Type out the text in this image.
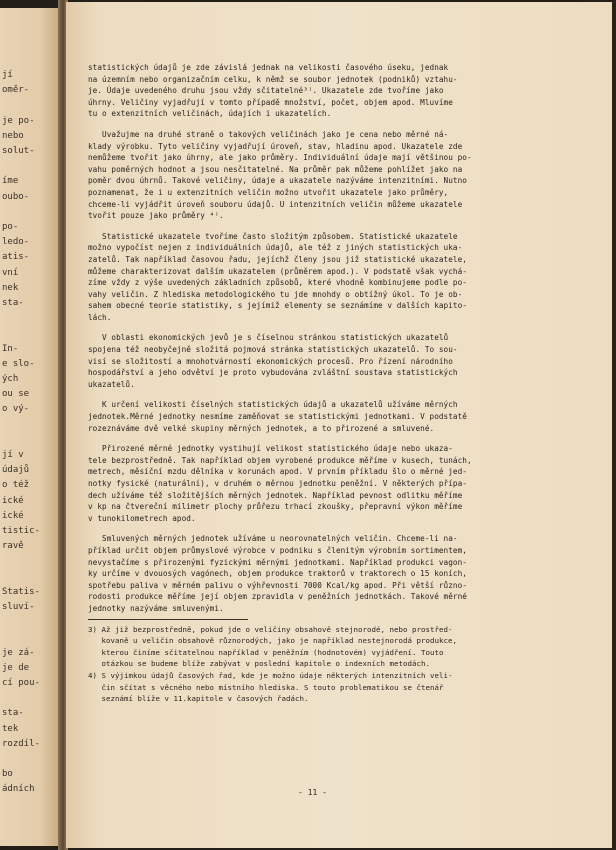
jí
oměr-
je po-
nebo
solut-
íme
oubo-
po-
ledo-
atis-
vní
nek
sta-
In-
e slo-
ých
ou se
o vý-
jí v
údajů
o též
ické
ické
tistic-
ravě
Statis-
sluví-
je zá-
je de
cí pou-
sta-
tek
rozdíl-
bo
ádních
statistických údajů je zde závislá jednak na velikosti časového úseku, jednak
na územním nebo organizačním celku, k němž se soubor jednotek (podniků) vztahu-
je. Údaje uvedeného druhu jsou vždy sčitatelné³⁾. Ukazatele zde tvoříme jako
úhrny. Veličiny vyjadřují v tomto případě množství, počet, objem apod. Mluvíme
tu o extenzitních veličinách, údajích i ukazatelích.
Uvažujme na druhé straně o takových veličinách jako je cena nebo měrné ná-
klady výrobku. Tyto veličiny vyjadřují úroveň, stav, hladinu apod. Ukazatele zde
nemůžeme tvořit jako úhrny, ale jako průměry. Individuální údaje mají většinou po-
vahu poměrných hodnot a jsou nesčitatelné. Na průměr pak můžeme pohlížet jako na
poměr dvou úhrnů. Takové veličiny, údaje a ukazatele nazýváme intenzitními. Nutno
poznamenat, že i u extenzitních veličin možno utvořit ukazatele jako průměry,
chceme-li vyjádřit úroveň souboru údajů. U intenzitních veličin můžeme ukazatele
tvořit pouze jako průměry ⁴⁾.
Statistické ukazatele tvoříme často složitým způsobem. Statistické ukazatele
možno vypočíst nejen z individuálních údajů, ale též z jiných statistických uka-
zatelů. Tak například časovou řadu, jejíchž členy jsou již statistické ukazatele,
můžeme charakterizovat dalším ukazatelem (průměrem apod.). V podstatě však vychá-
zíme vždy z výše uvedených základních způsobů, které vhodně kombinujeme podle po-
vahy veličin. Z hlediska metodologického tu jde mnohdy o obtížný úkol. To je ob-
sahem obecné teorie statistiky, s jejímiž elementy se seznámíme v dalších kapito-
lách.
V oblasti ekonomických jevů je s číselnou stránkou statistických ukazatelů
spojena též neobyčejně složitá pojmová stránka statistických ukazatelů. To sou-
visí se složitostí a mnohotvárností ekonomických procesů. Pro řízení národního
hospodářství a jeho odvětví je proto vybudována zvláštní soustava statistických
ukazatelů.
K určení velikosti číselných statistických údajů a ukazatelů užíváme měrných
jednotek.Měrné jednotky nesmíme zaměňovat se statistickými jednotkami. V podstatě
rozeznáváme dvě velké skupiny měrných jednotek, a to přirozené a smluvené.
Přirozené měrné jednotky vystihují velikost statistického údaje nebo ukaza-
tele bezprostředně. Tak například objem vyrobené produkce měříme v kusech, tunách,
metrech, měsíční mzdu dělníka v korunách apod. V prvním příkladu šlo o měrné jed-
notky fysické (naturální), v druhém o měrnou jednotku peněžní. V některých přípa-
dech užíváme též složitějších měrných jednotek. Například pevnost odlitku měříme
v kp na čtvereční milimetr plochy průřezu trhací zkoušky, přepravní výkon měříme
v tunokilometrech apod.
Smluvených měrných jednotek užíváme u neorovnatelných veličin. Chceme-li na-
příklad určit objem průmyslové výrobce v podniku s členitým výrobním sortimentem,
nevystačíme s přirozenými fyzickými měrnými jednotkami. Například produkci vagon-
ky určíme v dvouosých vagónech, objem produkce traktorů v traktorech o 15 koních,
spotřebu paliva v měrném palivu o výhřevnosti 7000 Kcal/kg apod. Při větší různo-
rodosti produkce měříme její objem zpravidla v peněžních jednotkách. Takové měrné
jednotky nazýváme smluvenými.
3) Až již bezprostředně, pokud jde o veličiny obsahově stejnorodé, nebo prostřed-
kovaně u veličin obsahově různorodých, jako je například nestejnorodá produkce,
kterou činíme sčitatelnou například v peněžním (hodnotovém) vyjádření. Touto
otázkou se budeme blíže zabývat v poslední kapitole o indexních metodách.
4) S výjimkou údajů časových řad, kde je možno údaje některých intenzitních veli-
čin sčítat s věcného nebo místního hlediska. S touto problematikou se čtenář
seznámí blíže v 11.kapitole v časových řadách.
- 11 -
